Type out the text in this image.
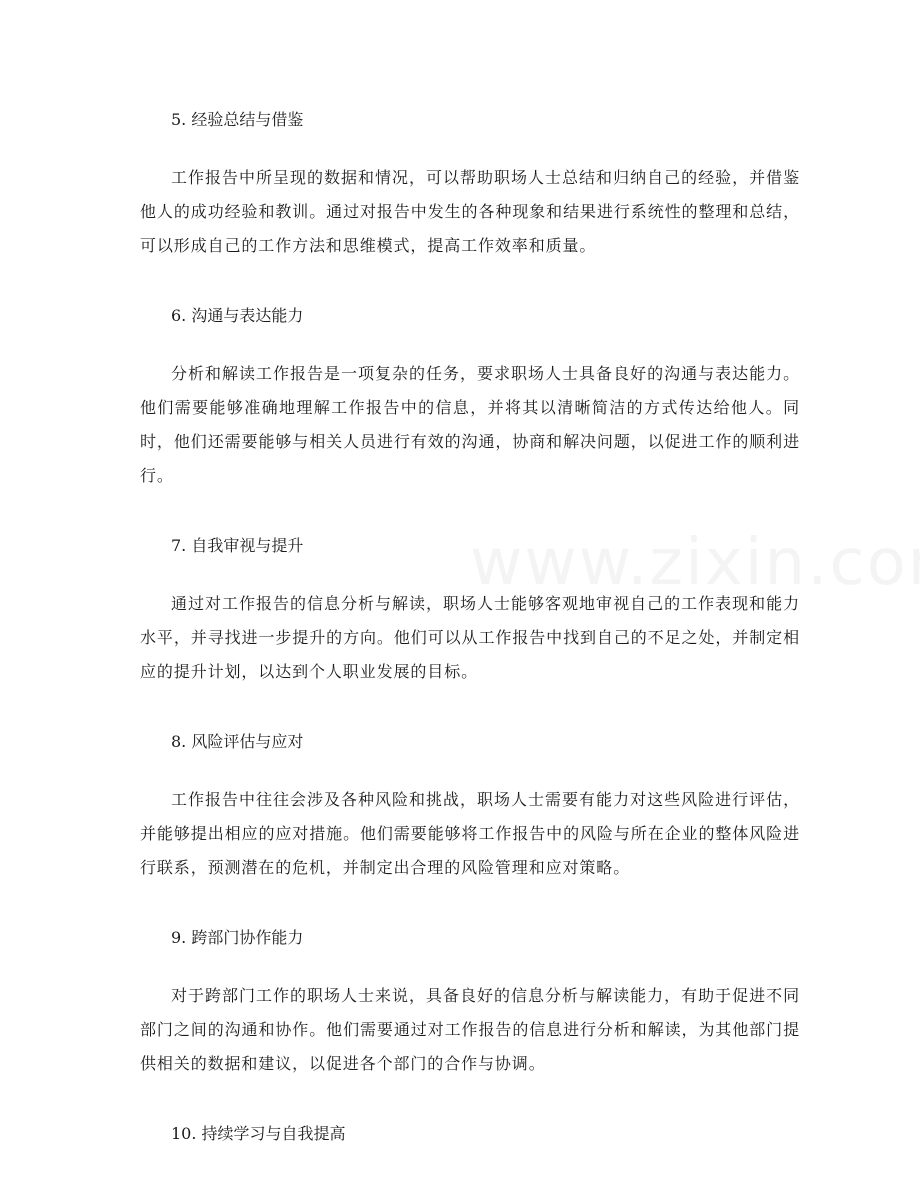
5. 经验总结与借鉴

工作报告中所呈现的数据和情况，可以帮助职场人士总结和归纳自己的经验，并借鉴他人的成功经验和教训。通过对报告中发生的各种现象和结果进行系统性的整理和总结，可以形成自己的工作方法和思维模式，提高工作效率和质量。

6. 沟通与表达能力

分析和解读工作报告是一项复杂的任务，要求职场人士具备良好的沟通与表达能力。他们需要能够准确地理解工作报告中的信息，并将其以清晰简洁的方式传达给他人。同时，他们还需要能够与相关人员进行有效的沟通，协商和解决问题，以促进工作的顺利进行。

7. 自我审视与提升

通过对工作报告的信息分析与解读，职场人士能够客观地审视自己的工作表现和能力水平，并寻找进一步提升的方向。他们可以从工作报告中找到自己的不足之处，并制定相应的提升计划，以达到个人职业发展的目标。

8. 风险评估与应对

工作报告中往往会涉及各种风险和挑战，职场人士需要有能力对这些风险进行评估，并能够提出相应的应对措施。他们需要能够将工作报告中的风险与所在企业的整体风险进行联系，预测潜在的危机，并制定出合理的风险管理和应对策略。

9. 跨部门协作能力

对于跨部门工作的职场人士来说，具备良好的信息分析与解读能力，有助于促进不同部门之间的沟通和协作。他们需要通过对工作报告的信息进行分析和解读，为其他部门提供相关的数据和建议，以促进各个部门的合作与协调。

10. 持续学习与自我提高
